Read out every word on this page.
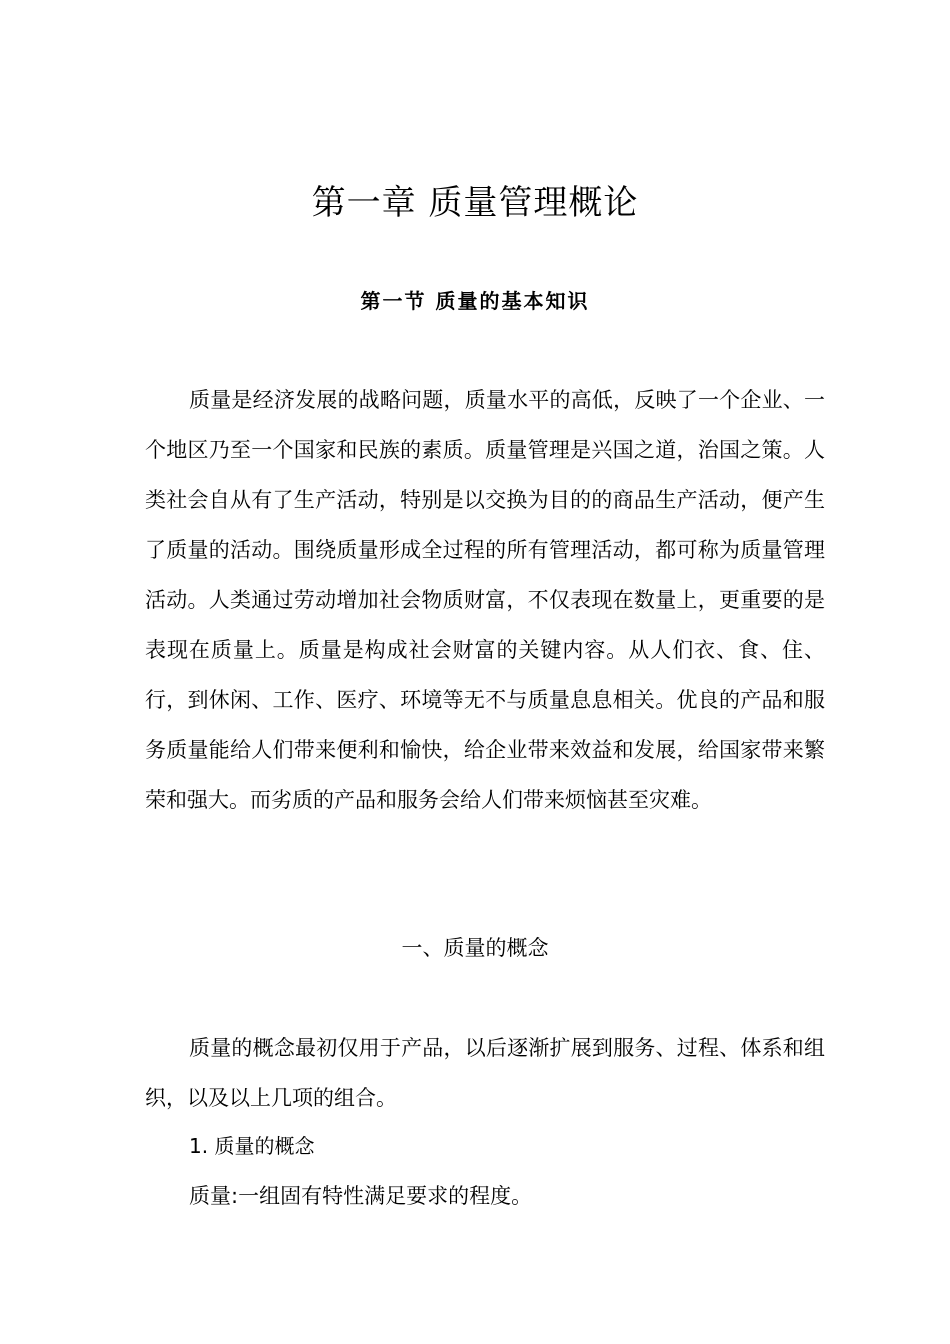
第一章 质量管理概论
第一节 质量的基本知识
质量是经济发展的战略问题，质量水平的高低，反映了一个企业、一个地区乃至一个国家和民族的素质。质量管理是兴国之道，治国之策。人类社会自从有了生产活动，特别是以交换为目的的商品生产活动，便产生了质量的活动。围绕质量形成全过程的所有管理活动，都可称为质量管理活动。人类通过劳动增加社会物质财富，不仅表现在数量上，更重要的是表现在质量上。质量是构成社会财富的关键内容。从人们衣、食、住、行，到休闲、工作、医疗、环境等无不与质量息息相关。优良的产品和服务质量能给人们带来便利和愉快，给企业带来效益和发展，给国家带来繁荣和强大。而劣质的产品和服务会给人们带来烦恼甚至灾难。
一、质量的概念
质量的概念最初仅用于产品，以后逐渐扩展到服务、过程、体系和组织，以及以上几项的组合。
1. 质量的概念
质量:一组固有特性满足要求的程度。
